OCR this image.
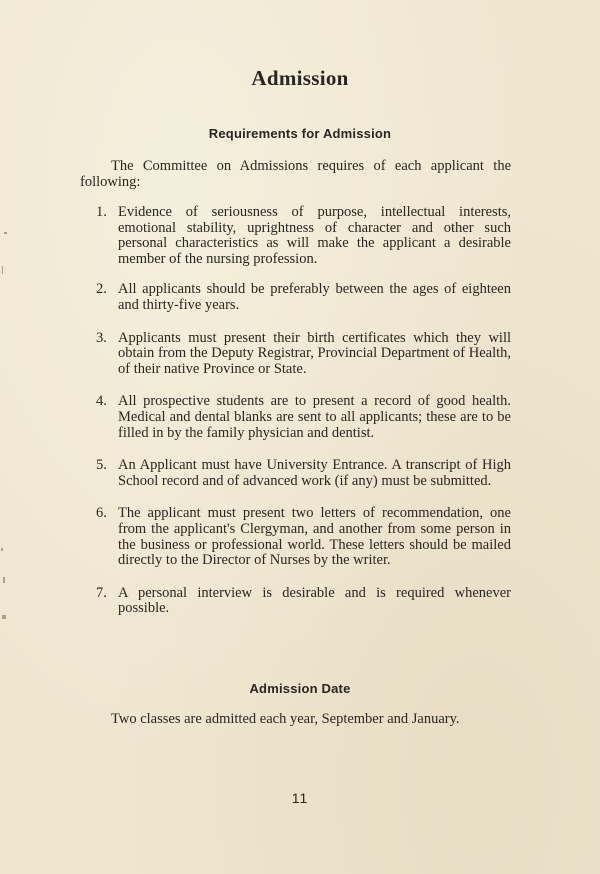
Admission
Requirements for Admission

The Committee on Admissions requires of each applicant the following:

1. Evidence of seriousness of purpose, intellectual interests, emotional stability, uprightness of character and other such personal characteristics as will make the applicant a desirable member of the nursing profession.
2. All applicants should be preferably between the ages of eighteen and thirty-five years.
3. Applicants must present their birth certificates which they will obtain from the Deputy Registrar, Provincial Department of Health, of their native Province or State.
4. All prospective students are to present a record of good health. Medical and dental blanks are sent to all applicants; these are to be filled in by the family physician and dentist.
5. An Applicant must have University Entrance. A transcript of High School record and of advanced work (if any) must be submitted.
6. The applicant must present two letters of recommendation, one from the applicant's Clergyman, and another from some person in the business or professional world. These letters should be mailed directly to the Director of Nurses by the writer.
7. A personal interview is desirable and is required whenever possible.
Admission Date

Two classes are admitted each year, September and January.

11
